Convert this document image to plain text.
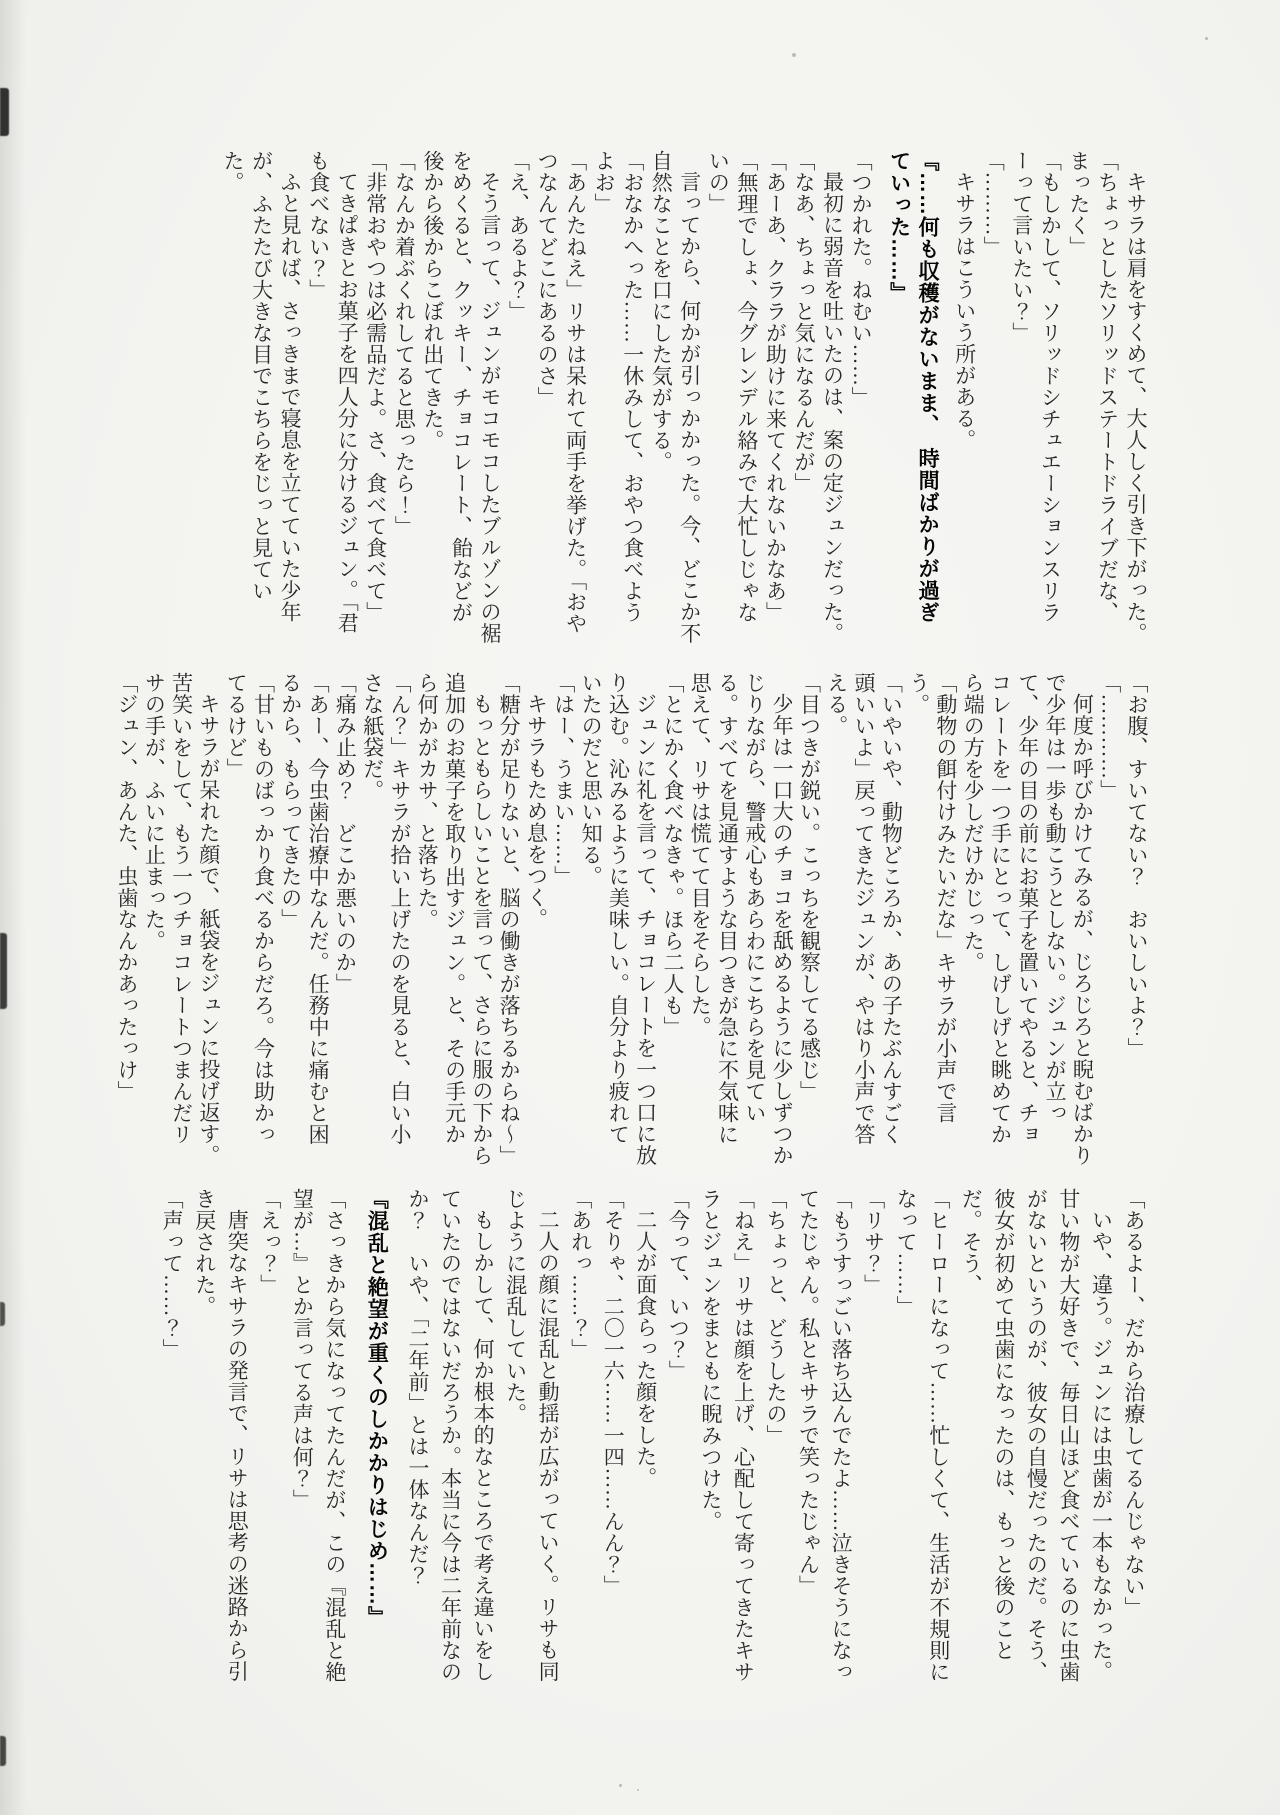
キサラは肩をすくめて、大人しく引き下がった。

「ちょっとしたソリッドステートドライブだな、まったく」

「もしかして、ソリッドシチュエーションスリラーって言いたい？」

「………」

キサラはこういう所がある。

『……何も収穫がないまま、　時間ばかりが過ぎていった……』

「つかれた。ねむい……」

最初に弱音を吐いたのは、案の定ジュンだった。

「なあ、ちょっと気になるんだが」

「あーあ、クララが助けに来てくれないかなあ」

「無理でしょ、今グレンデル絡みで大忙しじゃないの」

言ってから、何かが引っかかった。今、どこか不自然なことを口にした気がする。

「おなかへった……一休みして、おやつ食べようよお」

「あんたねえ」リサは呆れて両手を挙げた。「おやつなんてどこにあるのさ」

「え、あるよ？」

そう言って、ジュンがモコモコしたブルゾンの裾をめくると、クッキー、チョコレート、飴などが後から後からこぼれ出てきた。

「なんか着ぶくれしてると思ったら！」

「非常おやつは必需品だよ。さ、食べて食べて」

てきぱきとお菓子を四人分に分けるジュン。「君も食べない？」

ふと見れば、さっきまで寝息を立てていた少年が、ふたたび大きな目でこちらをじっと見ていた。

「お腹、すいてない？　おいしいよ？」

「…………」

何度か呼びかけてみるが、じろじろと睨むばかりで少年は一歩も動こうとしない。ジュンが立って、少年の目の前にお菓子を置いてやると、チョコレートを一つ手にとって、しげしげと眺めてから端の方を少しだけかじった。

「動物の餌付けみたいだな」キサラが小声で言う。

「いやいや、動物どころか、あの子たぶんすごく頭いいよ」戻ってきたジュンが、やはり小声で答える。

「目つきが鋭い。こっちを観察してる感じ」

少年は一口大のチョコを舐めるように少しずつかじりながら、警戒心もあらわにこちらを見ている。すべてを見通すような目つきが急に不気味に思えて、リサは慌てて目をそらした。

「とにかく食べなきゃ。ほら二人も」

ジュンに礼を言って、チョコレートを一つ口に放り込む。沁みるように美味しい。自分より疲れていたのだと思い知る。

「はー、うまい……」

キサラもため息をつく。

「糖分が足りないと、脳の働きが落ちるからね〜」

もっともらしいことを言って、さらに服の下から追加のお菓子を取り出すジュン。と、その手元から何かがカサ、と落ちた。

「ん？」キサラが拾い上げたのを見ると、白い小さな紙袋だ。

「痛み止め？　どこか悪いのか」

「あー、今虫歯治療中なんだ。任務中に痛むと困るから、もらってきたの」

「甘いものばっかり食べるからだろ。今は助かってるけど」

キサラが呆れた顔で、紙袋をジュンに投げ返す。苦笑いをして、もう一つチョコレートつまんだリサの手が、ふいに止まった。

「ジュン、あんた、虫歯なんかあったっけ」

「あるよー、だから治療してるんじゃない」

いや、違う。ジュンには虫歯が一本もなかった。甘い物が大好きで、毎日山ほど食べているのに虫歯がないというのが、彼女の自慢だったのだ。そう、彼女が初めて虫歯になったのは、もっと後のことだ。そう、

「ヒーローになって……忙しくて、生活が不規則になって……」

「リサ？」

「もうすっごい落ち込んでたよ……泣きそうになってたじゃん。私とキサラで笑ったじゃん」

「ちょっと、どうしたの」

「ねえ」リサは顔を上げ、心配して寄ってきたキサラとジュンをまともに睨みつけた。

「今って、いつ？」

二人が面食らった顔をした。

「そりゃ、二〇一六……一四……んん？」

「あれっ……？」

二人の顔に混乱と動揺が広がっていく。リサも同じように混乱していた。

もしかして、何か根本的なところで考え違いをしていたのではないだろうか。本当に今は二年前なのか？　いや、「二年前」とは一体なんだ？

『混乱と絶望が重くのしかかりはじめ……』

「さっきから気になってたんだが、この『混乱と絶望が…』とか言ってる声は何？」

「えっ？」

唐突なキサラの発言で、リサは思考の迷路から引き戻された。

「声って……？」
